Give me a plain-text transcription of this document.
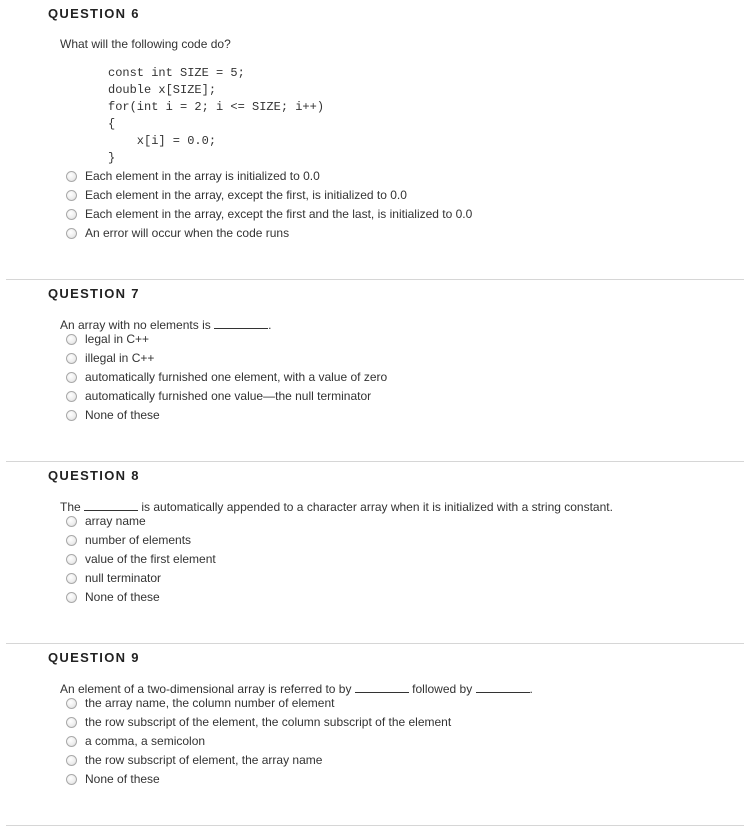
QUESTION 6
What will the following code do?

const int SIZE = 5;

double x[SIZE];

for(int i = 2; i <= SIZE; i++)

{

x[i] = 0.0;

}

Each element in the array is initialized to 0.0
Each element in the array, except the first, is initialized to 0.0
Each element in the array, except the first and the last, is initialized to 0.0
An error will occur when the code runs
QUESTION 7
An array with no elements is	.
legal in C++
illegal in C++
automatically furnished one element, with a value of zero
automatically furnished one value—the null terminator
None of these
QUESTION 8
The	is automatically appended to a character array when it is initialized with a string constant.
array name
number of elements
value of the first element
null terminator
None of these
QUESTION 9
An element of a two-dimensional array is referred to by	followed by	.
the array name, the column number of element
the row subscript of the element, the column subscript of the element
a comma, a semicolon
the row subscript of element, the array name
None of these
